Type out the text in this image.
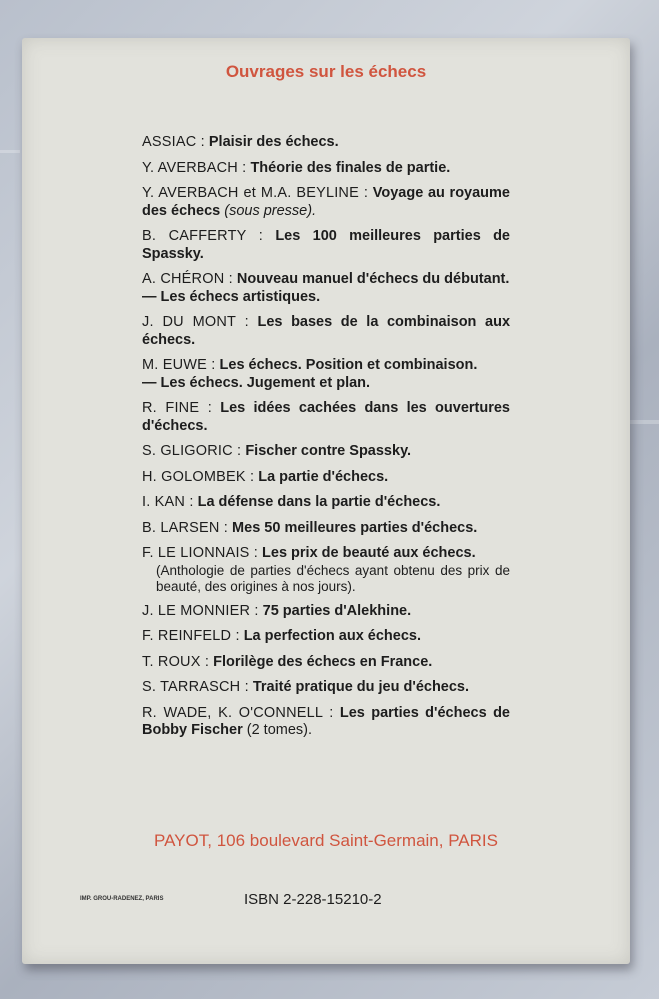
Ouvrages sur les échecs
ASSIAC : Plaisir des échecs.
Y. AVERBACH : Théorie des finales de partie.
Y. AVERBACH et M.A. BEYLINE : Voyage au royaume des échecs (sous presse).
B. CAFFERTY : Les 100 meilleures parties de Spassky.
A. CHÉRON : Nouveau manuel d'échecs du débutant.
— Les échecs artistiques.
J. DU MONT : Les bases de la combinaison aux échecs.
M. EUWE : Les échecs. Position et combinaison.
— Les échecs. Jugement et plan.
R. FINE : Les idées cachées dans les ouvertures d'échecs.
S. GLIGORIC : Fischer contre Spassky.
H. GOLOMBEK : La partie d'échecs.
I. KAN : La défense dans la partie d'échecs.
B. LARSEN : Mes 50 meilleures parties d'échecs.
F. LE LIONNAIS : Les prix de beauté aux échecs.
(Anthologie de parties d'échecs ayant obtenu des prix de beauté, des origines à nos jours).
J. LE MONNIER : 75 parties d'Alekhine.
F. REINFELD : La perfection aux échecs.
T. ROUX : Florilège des échecs en France.
S. TARRASCH : Traité pratique du jeu d'échecs.
R. WADE, K. O'CONNELL : Les parties d'échecs de Bobby Fischer (2 tomes).
PAYOT, 106 boulevard Saint-Germain, PARIS
IMP. GROU-RADENEZ, PARIS	ISBN 2-228-15210-2
